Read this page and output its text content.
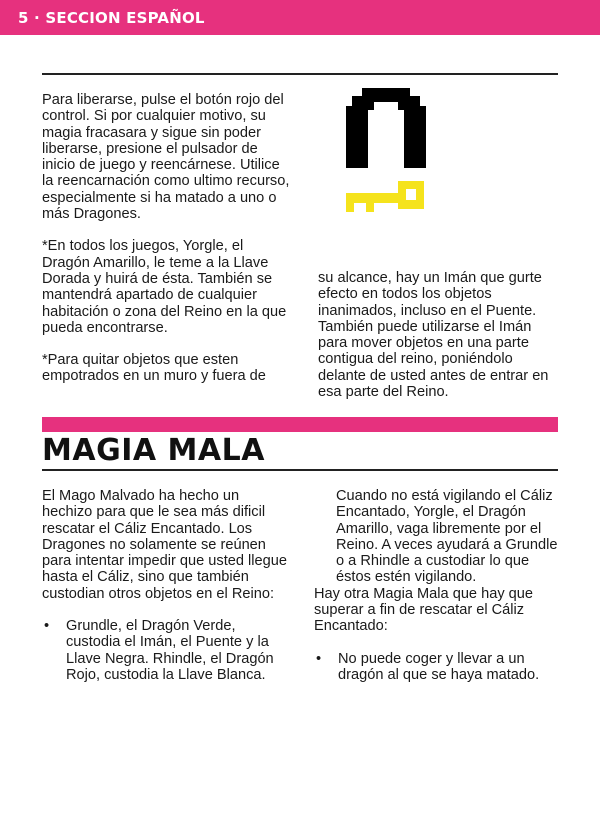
5 · SECCION ESPAÑOL

Para liberarse, pulse el botón rojo del control. Si por cualquier motivo, su magia fracasara y sigue sin poder liberarse, presione el pulsador de inicio de juego y reencárnese. Utilice la reencarnación como ultimo recurso, especialmente si ha matado a uno o más Dragones.

*En todos los juegos, Yorgle, el Dragón Amarillo, le teme a la Llave Dorada y huirá de ésta. También se mantendrá apartado de cualquier habitación o zona del Reino en la que pueda encontrarse.

*Para quitar objetos que esten empotrados en un muro y fuera de

su alcance, hay un Imán que gurte efecto en todos los objetos inanimados, incluso en el Puente. También puede utilizarse el Imán para mover objetos en una parte contigua del reino, poniéndolo delante de usted antes de entrar en esa parte del Reino.

MAGIA MALA

El Mago Malvado ha hecho un hechizo para que le sea más dificil rescatar el Cáliz Encantado. Los Dragones no solamente se reúnen para intentar impedir que usted llegue hasta el Cáliz, sino que también custodian otros objetos en el Reino:

• Grundle, el Dragón Verde, custodia el Imán, el Puente y la Llave Negra. Rhindle, el Dragón Rojo, custodia la Llave Blanca.

Cuando no está vigilando el Cáliz Encantado, Yorgle, el Dragón Amarillo, vaga libremente por el Reino. A veces ayudará a Grundle o a Rhindle a custodiar lo que éstos estén vigilando.

Hay otra Magia Mala que hay que superar a fin de rescatar el Cáliz Encantado:

• No puede coger y llevar a un dragón al que se haya matado.
